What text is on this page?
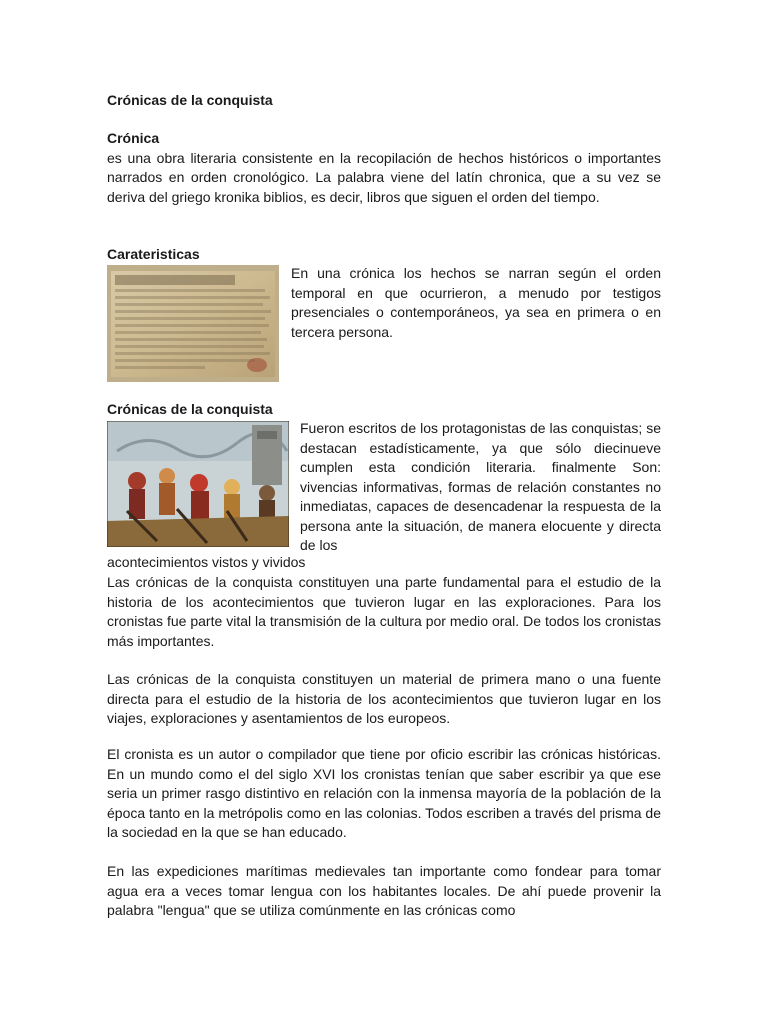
Crónicas de la conquista
Crónica

es una obra literaria consistente en la recopilación de hechos históricos o importantes narrados en orden cronológico. La palabra viene del latín chronica, que a su vez se deriva del griego kronika biblios, es decir, libros que siguen el orden del tiempo.

Carateristicas
En una crónica los hechos se narran según el orden temporal en que ocurrieron, a menudo por testigos presenciales o contemporáneos, ya sea en primera o en tercera persona.
Crónicas de la conquista
Fueron escritos de los protagonistas de las conquistas; se destacan estadísticamente, ya que sólo diecinueve cumplen esta condición literaria. finalmente Son: vivencias informativas, formas de relación constantes no inmediatas, capaces de desencadenar la respuesta de la persona ante la situación, de manera elocuente y directa de los
acontecimientos vistos y vividos

Las crónicas de la conquista constituyen una parte fundamental para el estudio de la historia de los acontecimientos que tuvieron lugar en las exploraciones. Para los cronistas fue parte vital la transmisión de la cultura por medio oral. De todos los cronistas más importantes.

Las crónicas de la conquista constituyen un material de primera mano o una fuente directa para el estudio de la historia de los acontecimientos que tuvieron lugar en los viajes, exploraciones y asentamientos de los europeos.

El cronista es un autor o compilador que tiene por oficio escribir las crónicas históricas. En un mundo como el del siglo XVI los cronistas tenían que saber escribir ya que ese seria un primer rasgo distintivo en relación con la inmensa mayoría de la población de la época tanto en la metrópolis como en las colonias. Todos escriben a través del prisma de la sociedad en la que se han educado.

En las expediciones marítimas medievales tan importante como fondear para tomar agua era a veces tomar lengua con los habitantes locales. De ahí puede provenir la palabra "lengua" que se utiliza comúnmente en las crónicas como
